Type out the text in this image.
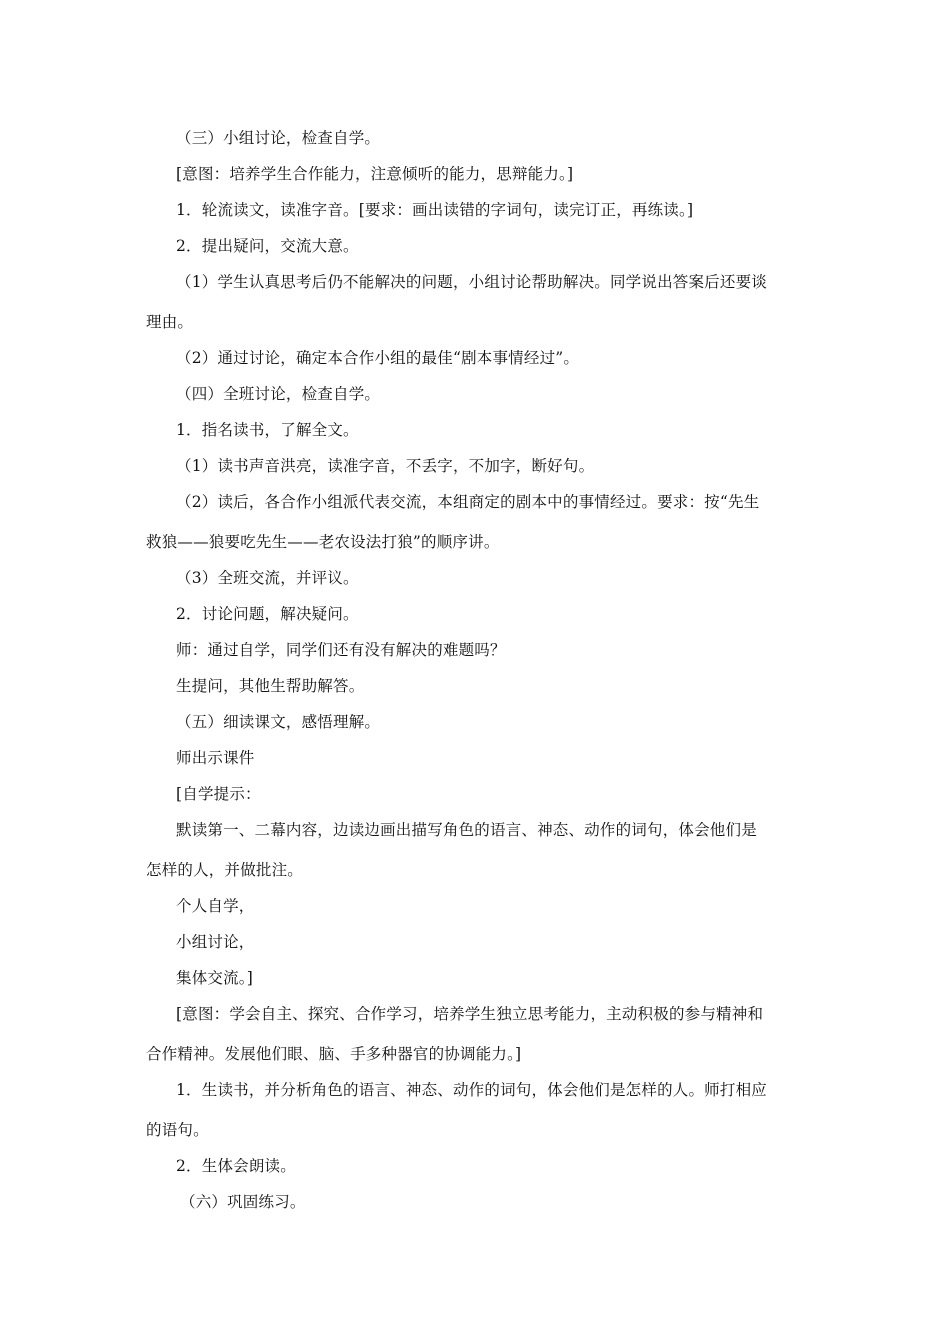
（三）小组讨论，检查自学。
[意图：培养学生合作能力，注意倾听的能力，思辩能力。]
1．轮流读文，读准字音。[要求：画出读错的字词句，读完订正，再练读。]
2．提出疑问，交流大意。
（1）学生认真思考后仍不能解决的问题，小组讨论帮助解决。同学说出答案后还要谈
理由。
（2）通过讨论，确定本合作小组的最佳“剧本事情经过”。
（四）全班讨论，检查自学。
1．指名读书，了解全文。
（1）读书声音洪亮，读准字音，不丢字，不加字，断好句。
（2）读后，各合作小组派代表交流，本组商定的剧本中的事情经过。要求：按“先生
救狼——狼要吃先生——老农设法打狼”的顺序讲。
（3）全班交流，并评议。
2．讨论问题，解决疑问。
师：通过自学，同学们还有没有解决的难题吗？
生提问，其他生帮助解答。
（五）细读课文，感悟理解。
师出示课件
[自学提示：
默读第一、二幕内容，边读边画出描写角色的语言、神态、动作的词句，体会他们是
怎样的人，并做批注。
个人自学，
小组讨论，
集体交流。]
[意图：学会自主、探究、合作学习，培养学生独立思考能力，主动积极的参与精神和
合作精神。发展他们眼、脑、手多种器官的协调能力。]
1．生读书，并分析角色的语言、神态、动作的词句，体会他们是怎样的人。师打相应
的语句。
2．生体会朗读。
（六）巩固练习。
